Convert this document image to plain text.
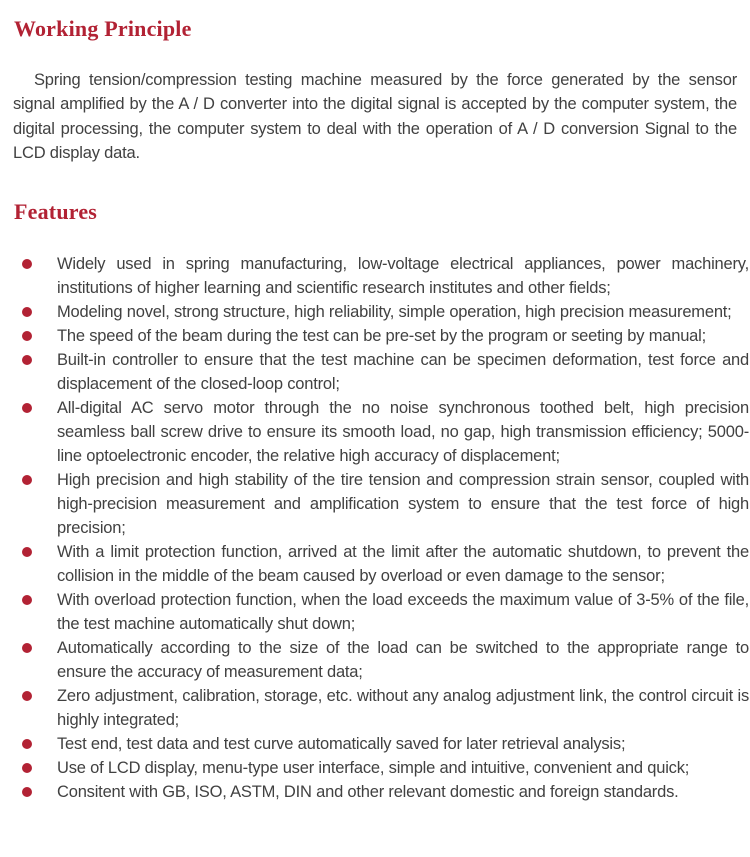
Working Principle

Spring tension/compression testing machine measured by the force generated by the sensor signal amplified by the A / D converter into the digital signal is accepted by the computer system, the digital processing, the computer system to deal with the operation of A / D conversion Signal to the LCD display data.

Features
Widely used in spring manufacturing, low-voltage electrical appliances, power machinery, institutions of higher learning and scientific research institutes and other fields;
Modeling novel, strong structure, high reliability, simple operation, high precision measurement;
The speed of the beam during the test can be pre-set by the program or seeting by manual;
Built-in controller to ensure that the test machine can be specimen deformation, test force and displacement of the closed-loop control;
All-digital AC servo motor through the no noise synchronous toothed belt, high precision seamless ball screw drive to ensure its smooth load, no gap, high transmission efficiency; 5000-line optoelectronic encoder, the relative high accuracy of displacement;
High precision and high stability of the tire tension and compression strain sensor, coupled with high-precision measurement and amplification system to ensure that the test force of high precision;
With a limit protection function, arrived at the limit after the automatic shutdown, to prevent the collision in the middle of the beam caused by overload or even damage to the sensor;
With overload protection function, when the load exceeds the maximum value of 3-5% of the file, the test machine automatically shut down;
Automatically according to the size of the load can be switched to the appropriate range to ensure the accuracy of measurement data;
Zero adjustment, calibration, storage, etc. without any analog adjustment link, the control circuit is highly integrated;
Test end, test data and test curve automatically saved for later retrieval analysis;
Use of LCD display, menu-type user interface, simple and intuitive, convenient and quick;
Consitent with GB, ISO, ASTM, DIN and other relevant domestic and foreign standards.
